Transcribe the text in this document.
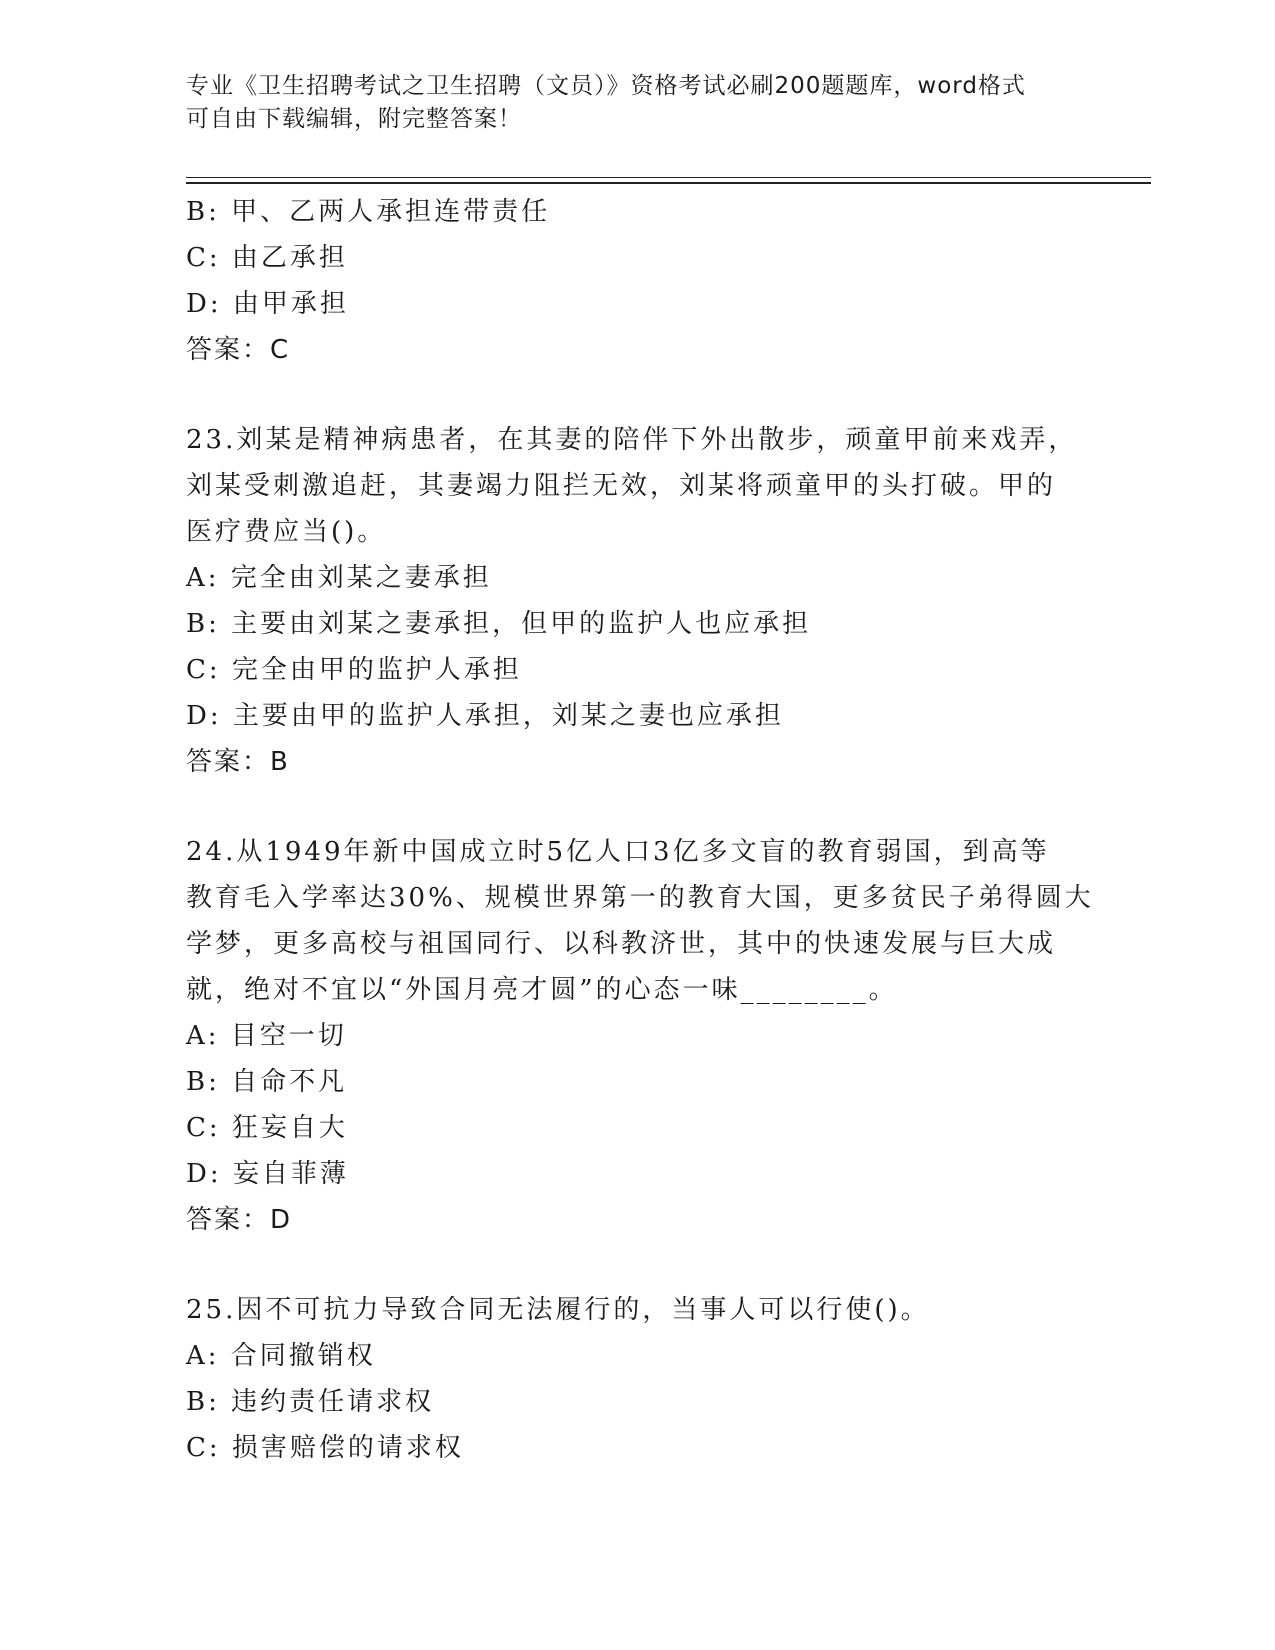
专业《卫生招聘考试之卫生招聘（文员）》资格考试必刷200题题库，word格式
可自由下载编辑，附完整答案！
B: 甲、乙两人承担连带责任
C: 由乙承担
D: 由甲承担
答案：C
23.刘某是精神病患者，在其妻的陪伴下外出散步，顽童甲前来戏弄，
刘某受刺激追赶，其妻竭力阻拦无效，刘某将顽童甲的头打破。甲的
医疗费应当()。
A: 完全由刘某之妻承担
B: 主要由刘某之妻承担，但甲的监护人也应承担
C: 完全由甲的监护人承担
D: 主要由甲的监护人承担，刘某之妻也应承担
答案：B
24.从1949年新中国成立时5亿人口3亿多文盲的教育弱国，到高等
教育毛入学率达30%、规模世界第一的教育大国，更多贫民子弟得圆大
学梦，更多高校与祖国同行、以科教济世，其中的快速发展与巨大成
就，绝对不宜以“外国月亮才圆”的心态一味________。
A: 目空一切
B: 自命不凡
C: 狂妄自大
D: 妄自菲薄
答案：D
25.因不可抗力导致合同无法履行的，当事人可以行使()。
A: 合同撤销权
B: 违约责任请求权
C: 损害赔偿的请求权
